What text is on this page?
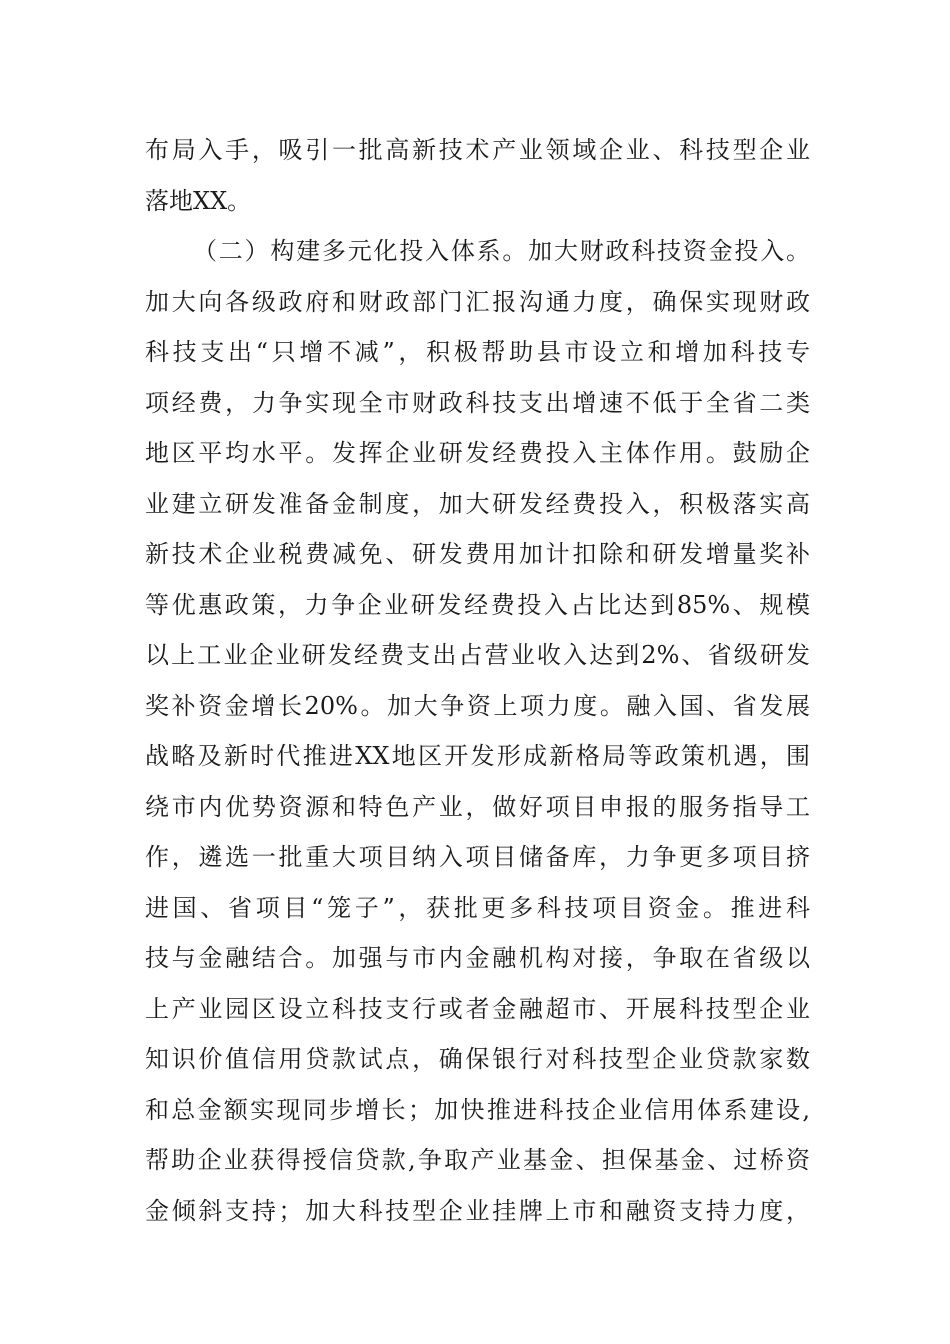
布局入手，吸引一批高新技术产业领域企业、科技型企业
落地XX。
（二）构建多元化投入体系。加大财政科技资金投入。
加大向各级政府和财政部门汇报沟通力度，确保实现财政
科技支出“只增不减”，积极帮助县市设立和增加科技专
项经费，力争实现全市财政科技支出增速不低于全省二类
地区平均水平。发挥企业研发经费投入主体作用。鼓励企
业建立研发准备金制度，加大研发经费投入，积极落实高
新技术企业税费减免、研发费用加计扣除和研发增量奖补
等优惠政策，力争企业研发经费投入占比达到85%、规模
以上工业企业研发经费支出占营业收入达到2%、省级研发
奖补资金增长20%。加大争资上项力度。融入国、省发展
战略及新时代推进XX地区开发形成新格局等政策机遇，围
绕市内优势资源和特色产业，做好项目申报的服务指导工
作，遴选一批重大项目纳入项目储备库，力争更多项目挤
进国、省项目“笼子”，获批更多科技项目资金。推进科
技与金融结合。加强与市内金融机构对接，争取在省级以
上产业园区设立科技支行或者金融超市、开展科技型企业
知识价值信用贷款试点，确保银行对科技型企业贷款家数
和总金额实现同步增长；加快推进科技企业信用体系建设,
帮助企业获得授信贷款,争取产业基金、担保基金、过桥资
金倾斜支持；加大科技型企业挂牌上市和融资支持力度，
